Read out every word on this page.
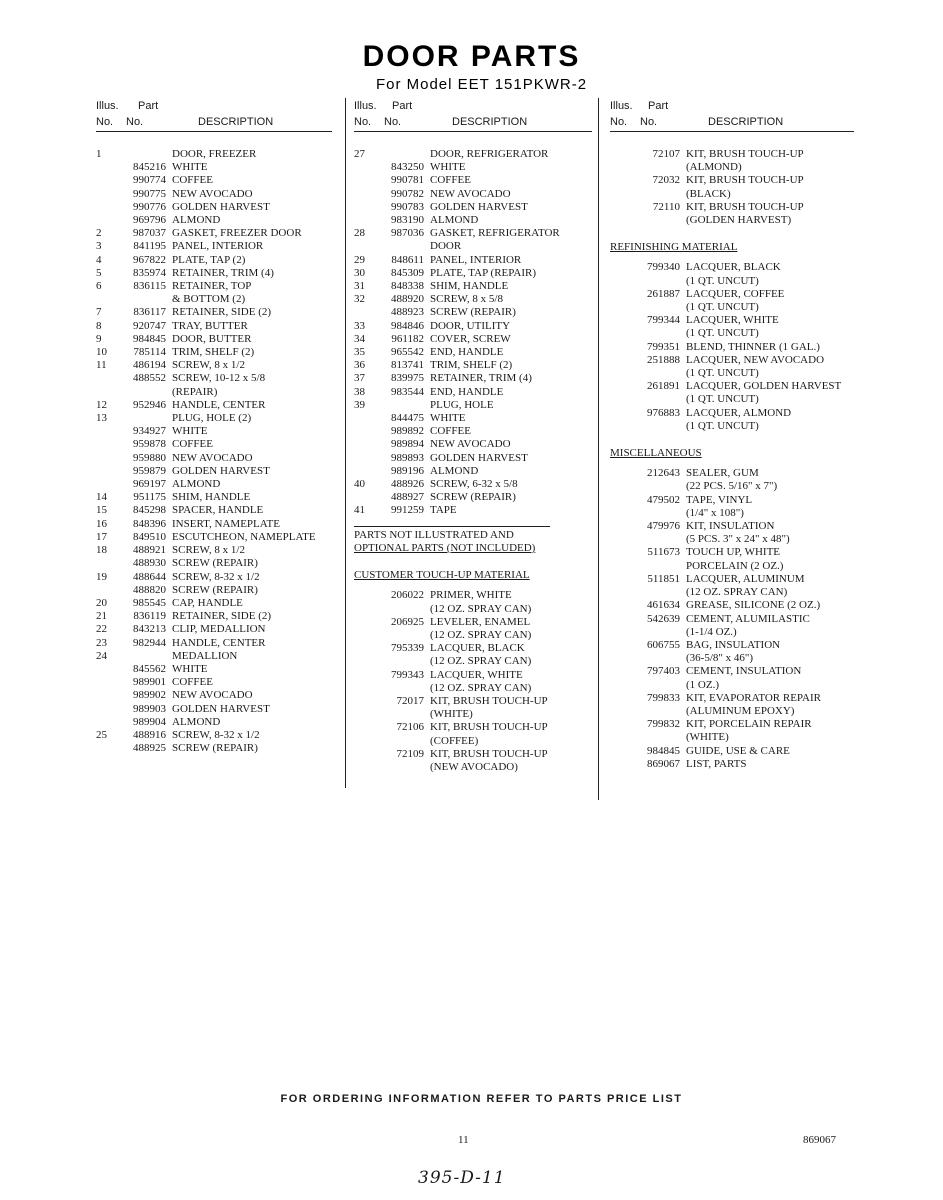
DOOR PARTS
For Model EET 151PKWR-2
Illus. Part
No. No.	DESCRIPTION
1	DOOR, FREEZER
845216 WHITE
990774 COFFEE
990775 NEW AVOCADO
990776 GOLDEN HARVEST
969796 ALMOND
2	987037 GASKET, FREEZER DOOR
3	841195 PANEL, INTERIOR
4	967822 PLATE, TAP (2)
5	835974 RETAINER, TRIM (4)
6	836115 RETAINER, TOP
& BOTTOM (2)
7	836117 RETAINER, SIDE (2)
8	920747 TRAY, BUTTER
9	984845 DOOR, BUTTER
10	785114 TRIM, SHELF (2)
11	486194 SCREW, 8 x 1/2
488552 SCREW, 10-12 x 5/8
(REPAIR)
12	952946 HANDLE, CENTER
13	PLUG, HOLE (2)
934927 WHITE
959878 COFFEE
959880 NEW AVOCADO
959879 GOLDEN HARVEST
969197 ALMOND
14	951175 SHIM, HANDLE
15	845298 SPACER, HANDLE
16	848396 INSERT, NAMEPLATE
17	849510 ESCUTCHEON, NAMEPLATE
18	488921 SCREW, 8 x 1/2
488930 SCREW (REPAIR)
19	488644 SCREW, 8-32 x 1/2
488820 SCREW (REPAIR)
20	985545 CAP, HANDLE
21	836119 RETAINER, SIDE (2)
22	843213 CLIP, MEDALLION
23	982944 HANDLE, CENTER
24	MEDALLION
845562 WHITE
989901 COFFEE
989902 NEW AVOCADO
989903 GOLDEN HARVEST
989904 ALMOND
25	488916 SCREW, 8-32 x 1/2
488925 SCREW (REPAIR)
Illus. Part
No. No.	DESCRIPTION
27	DOOR, REFRIGERATOR
843250 WHITE
990781 COFFEE
990782 NEW AVOCADO
990783 GOLDEN HARVEST
983190 ALMOND
28	987036 GASKET, REFRIGERATOR
DOOR
29	848611 PANEL, INTERIOR
30	845309 PLATE, TAP (REPAIR)
31	848338 SHIM, HANDLE
32	488920 SCREW, 8 x 5/8
488923 SCREW (REPAIR)
33	984846 DOOR, UTILITY
34	961182 COVER, SCREW
35	965542 END, HANDLE
36	813741 TRIM, SHELF (2)
37	839975 RETAINER, TRIM (4)
38	983544 END, HANDLE
39	PLUG, HOLE
844475 WHITE
989892 COFFEE
989894 NEW AVOCADO
989893 GOLDEN HARVEST
989196 ALMOND
40	488926 SCREW, 6-32 x 5/8
488927 SCREW (REPAIR)
41	991259 TAPE
PARTS NOT ILLUSTRATED AND
OPTIONAL PARTS (NOT INCLUDED)
CUSTOMER TOUCH-UP MATERIAL
206022 PRIMER, WHITE
(12 OZ. SPRAY CAN)
206925 LEVELER, ENAMEL
(12 OZ. SPRAY CAN)
795339 LACQUER, BLACK
(12 OZ. SPRAY CAN)
799343 LACQUER, WHITE
(12 OZ. SPRAY CAN)
72017 KIT, BRUSH TOUCH-UP
(WHITE)
72106 KIT, BRUSH TOUCH-UP
(COFFEE)
72109 KIT, BRUSH TOUCH-UP
(NEW AVOCADO)
Illus. Part
No. No.	DESCRIPTION
72107 KIT, BRUSH TOUCH-UP
(ALMOND)
72032 KIT, BRUSH TOUCH-UP
(BLACK)
72110 KIT, BRUSH TOUCH-UP
(GOLDEN HARVEST)
REFINISHING MATERIAL
799340 LACQUER, BLACK
(1 QT. UNCUT)
261887 LACQUER, COFFEE
(1 QT. UNCUT)
799344 LACQUER, WHITE
(1 QT. UNCUT)
799351 BLEND, THINNER (1 GAL.)
251888 LACQUER, NEW AVOCADO
(1 QT. UNCUT)
261891 LACQUER, GOLDEN HARVEST
(1 QT. UNCUT)
976883 LACQUER, ALMOND
(1 QT. UNCUT)
MISCELLANEOUS
212643 SEALER, GUM
(22 PCS. 5/16" x 7")
479502 TAPE, VINYL
(1/4" x 108")
479976 KIT, INSULATION
(5 PCS. 3" x 24" x 48")
511673 TOUCH UP, WHITE
PORCELAIN (2 OZ.)
511851 LACQUER, ALUMINUM
(12 OZ. SPRAY CAN)
461634 GREASE, SILICONE (2 OZ.)
542639 CEMENT, ALUMILASTIC
(1-1/4 OZ.)
606755 BAG, INSULATION
(36-5/8" x 46")
797403 CEMENT, INSULATION
(1 OZ.)
799833 KIT, EVAPORATOR REPAIR
(ALUMINUM EPOXY)
799832 KIT, PORCELAIN REPAIR
(WHITE)
984845 GUIDE, USE & CARE
869067 LIST, PARTS
FOR ORDERING INFORMATION REFER TO PARTS PRICE LIST
11	869067
395-D-11
